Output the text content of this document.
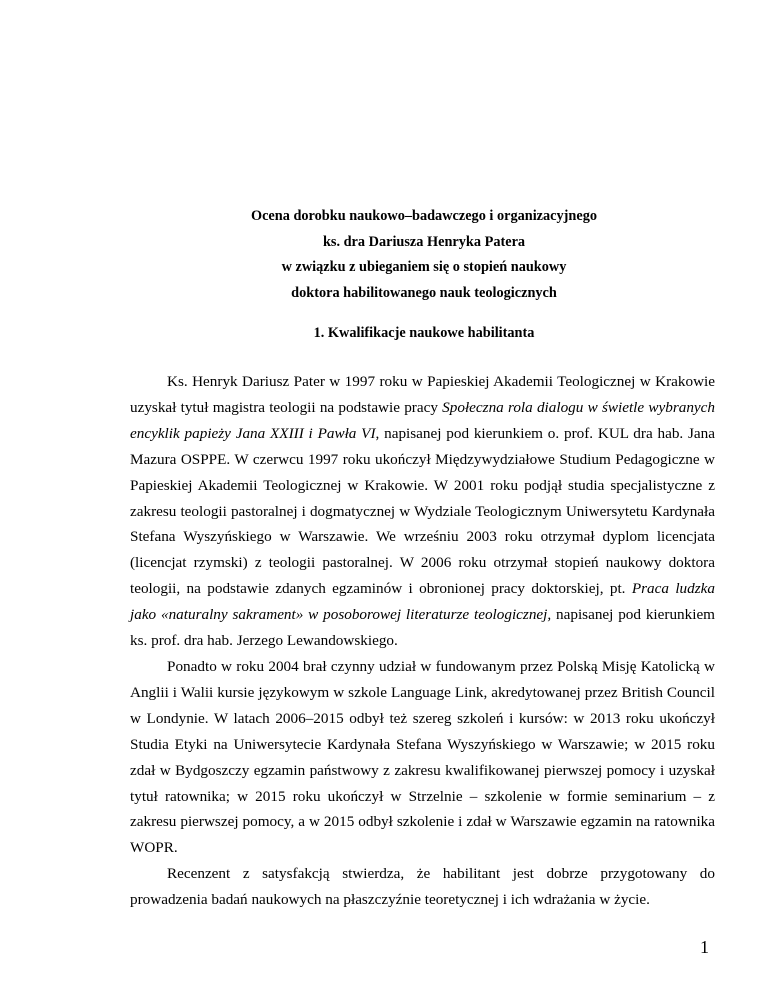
Ocena dorobku naukowo–badawczego i organizacyjnego
ks. dra Dariusza Henryka Patera
w związku z ubieganiem się o stopień naukowy
doktora habilitowanego nauk teologicznych
1. Kwalifikacje naukowe habilitanta

Ks. Henryk Dariusz Pater w 1997 roku w Papieskiej Akademii Teologicznej w Krakowie uzyskał tytuł magistra teologii na podstawie pracy Społeczna rola dialogu w świetle wybranych encyklik papieży Jana XXIII i Pawła VI, napisanej pod kierunkiem o. prof. KUL dra hab. Jana Mazura OSPPE. W czerwcu 1997 roku ukończył Międzywydziałowe Studium Pedagogiczne w Papieskiej Akademii Teologicznej w Krakowie. W 2001 roku podjął studia specjalistyczne z zakresu teologii pastoralnej i dogmatycznej w Wydziale Teologicznym Uniwersytetu Kardynała Stefana Wyszyńskiego w Warszawie. We wrześniu 2003 roku otrzymał dyplom licencjata (licencjat rzymski) z teologii pastoralnej. W 2006 roku otrzymał stopień naukowy doktora teologii, na podstawie zdanych egzaminów i obronionej pracy doktorskiej, pt. Praca ludzka jako «naturalny sakrament» w posoborowej literaturze teologicznej, napisanej pod kierunkiem ks. prof. dra hab. Jerzego Lewandowskiego.

Ponadto w roku 2004 brał czynny udział w fundowanym przez Polską Misję Katolicką w Anglii i Walii kursie językowym w szkole Language Link, akredytowanej przez British Council w Londynie. W latach 2006–2015 odbył też szereg szkoleń i kursów: w 2013 roku ukończył Studia Etyki na Uniwersytecie Kardynała Stefana Wyszyńskiego w Warszawie; w 2015 roku zdał w Bydgoszczy egzamin państwowy z zakresu kwalifikowanej pierwszej pomocy i uzyskał tytuł ratownika; w 2015 roku ukończył w Strzelnie – szkolenie w formie seminarium – z zakresu pierwszej pomocy, a w 2015 odbył szkolenie i zdał w Warszawie egzamin na ratownika WOPR.

Recenzent z satysfakcją stwierdza, że habilitant jest dobrze przygotowany do prowadzenia badań naukowych na płaszczyźnie teoretycznej i ich wdrażania w życie.

1
